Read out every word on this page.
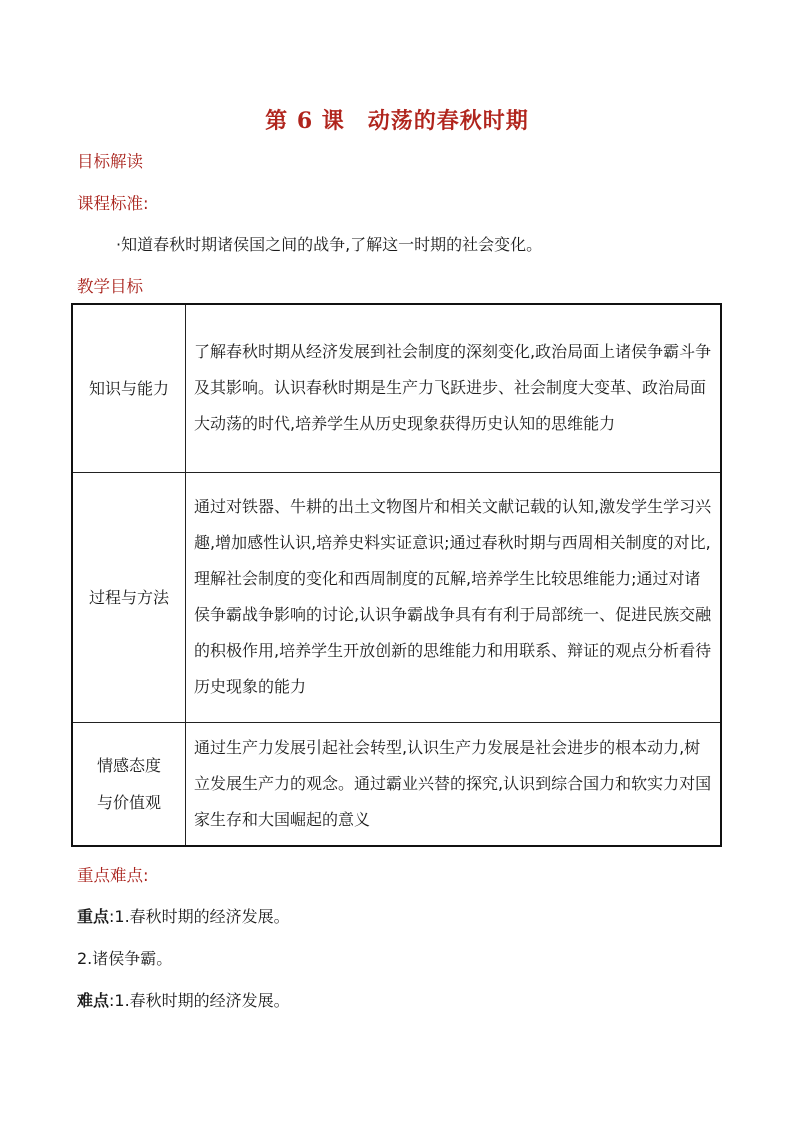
第 6 课　动荡的春秋时期
目标解读
课程标准:
·知道春秋时期诸侯国之间的战争,了解这一时期的社会变化。
教学目标
知识与能力	了解春秋时期从经济发展到社会制度的深刻变化,政治局面上诸侯争霸斗争及其影响。认识春秋时期是生产力飞跃进步、社会制度大变革、政治局面大动荡的时代,培养学生从历史现象获得历史认知的思维能力
过程与方法	通过对铁器、牛耕的出土文物图片和相关文献记载的认知,激发学生学习兴趣,增加感性认识,培养史料实证意识;通过春秋时期与西周相关制度的对比,理解社会制度的变化和西周制度的瓦解,培养学生比较思维能力;通过对诸侯争霸战争影响的讨论,认识争霸战争具有有利于局部统一、促进民族交融的积极作用,培养学生开放创新的思维能力和用联系、辩证的观点分析看待历史现象的能力

情感态度
与价值观	通过生产力发展引起社会转型,认识生产力发展是社会进步的根本动力,树立发展生产力的观念。通过霸业兴替的探究,认识到综合国力和软实力对国家生存和大国崛起的意义
重点难点:
重点:1.春秋时期的经济发展。
2.诸侯争霸。
难点:1.春秋时期的经济发展。
